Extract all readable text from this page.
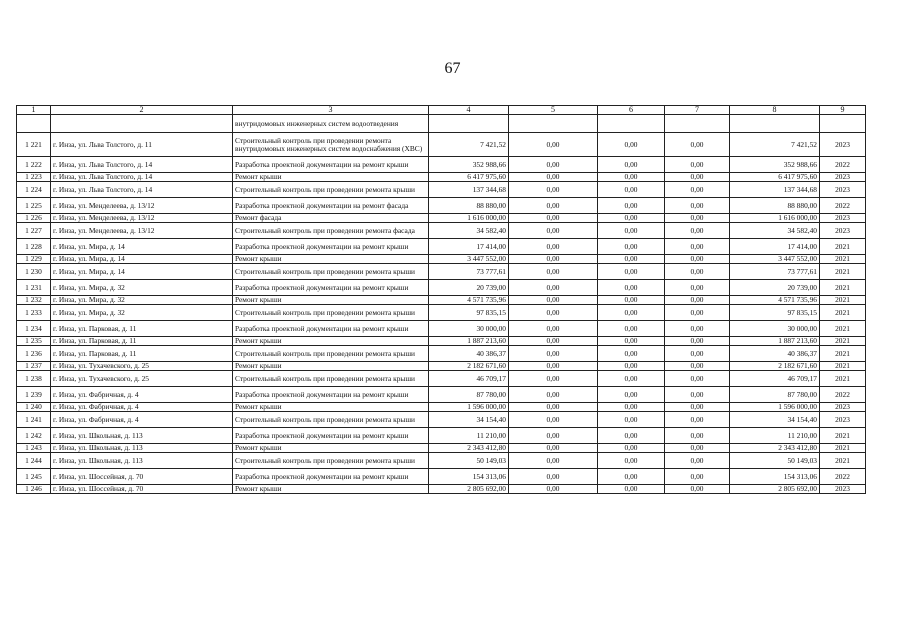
67
1	2	3	4	5	6	7	8	9
		внутридомовых инженерных систем водоотведения						
1 221	г. Инза, ул. Льва Толстого, д. 11	Строительный контроль при проведении ремонта внутридомовых инженерных систем водоснабжения (ХВС)	7 421,52	0,00	0,00	0,00	7 421,52	2023
1 222	г. Инза, ул. Льва Толстого, д. 14	Разработка проектной документации на ремонт крыши	352 988,66	0,00	0,00	0,00	352 988,66	2022
1 223	г. Инза, ул. Льва Толстого, д. 14	Ремонт крыши	6 417 975,60	0,00	0,00	0,00	6 417 975,60	2023
1 224	г. Инза, ул. Льва Толстого, д. 14	Строительный контроль при проведении ремонта крыши	137 344,68	0,00	0,00	0,00	137 344,68	2023
1 225	г. Инза, ул. Менделеева, д. 13/12	Разработка проектной документации на ремонт фасада	88 880,00	0,00	0,00	0,00	88 880,00	2022
1 226	г. Инза, ул. Менделеева, д. 13/12	Ремонт фасада	1 616 000,00	0,00	0,00	0,00	1 616 000,00	2023
1 227	г. Инза, ул. Менделеева, д. 13/12	Строительный контроль при проведении ремонта фасада	34 582,40	0,00	0,00	0,00	34 582,40	2023
1 228	г. Инза, ул. Мира, д. 14	Разработка проектной документации на ремонт крыши	17 414,00	0,00	0,00	0,00	17 414,00	2021
1 229	г. Инза, ул. Мира, д. 14	Ремонт крыши	3 447 552,00	0,00	0,00	0,00	3 447 552,00	2021
1 230	г. Инза, ул. Мира, д. 14	Строительный контроль при проведении ремонта крыши	73 777,61	0,00	0,00	0,00	73 777,61	2021
1 231	г. Инза, ул. Мира, д. 32	Разработка проектной документации на ремонт крыши	20 739,00	0,00	0,00	0,00	20 739,00	2021
1 232	г. Инза, ул. Мира, д. 32	Ремонт крыши	4 571 735,96	0,00	0,00	0,00	4 571 735,96	2021
1 233	г. Инза, ул. Мира, д. 32	Строительный контроль при проведении ремонта крыши	97 835,15	0,00	0,00	0,00	97 835,15	2021
1 234	г. Инза, ул. Парковая, д. 11	Разработка проектной документации на ремонт крыши	30 000,00	0,00	0,00	0,00	30 000,00	2021
1 235	г. Инза, ул. Парковая, д. 11	Ремонт крыши	1 887 213,60	0,00	0,00	0,00	1 887 213,60	2021
1 236	г. Инза, ул. Парковая, д. 11	Строительный контроль при проведении ремонта крыши	40 386,37	0,00	0,00	0,00	40 386,37	2021
1 237	г. Инза, ул. Тухачевского, д. 25	Ремонт крыши	2 182 671,60	0,00	0,00	0,00	2 182 671,60	2021
1 238	г. Инза, ул. Тухачевского, д. 25	Строительный контроль при проведении ремонта крыши	46 709,17	0,00	0,00	0,00	46 709,17	2021
1 239	г. Инза, ул. Фабричная, д. 4	Разработка проектной документации на ремонт крыши	87 780,00	0,00	0,00	0,00	87 780,00	2022
1 240	г. Инза, ул. Фабричная, д. 4	Ремонт крыши	1 596 000,00	0,00	0,00	0,00	1 596 000,00	2023
1 241	г. Инза, ул. Фабричная, д. 4	Строительный контроль при проведении ремонта крыши	34 154,40	0,00	0,00	0,00	34 154,40	2023
1 242	г. Инза, ул. Школьная, д. 113	Разработка проектной документации на ремонт крыши	11 210,00	0,00	0,00	0,00	11 210,00	2021
1 243	г. Инза, ул. Школьная, д. 113	Ремонт крыши	2 343 412,80	0,00	0,00	0,00	2 343 412,80	2021
1 244	г. Инза, ул. Школьная, д. 113	Строительный контроль при проведении ремонта крыши	50 149,03	0,00	0,00	0,00	50 149,03	2021
1 245	г. Инза, ул. Шоссейная, д. 70	Разработка проектной документации на ремонт крыши	154 313,06	0,00	0,00	0,00	154 313,06	2022
1 246	г. Инза, ул. Шоссейная, д. 70	Ремонт крыши	2 805 692,00	0,00	0,00	0,00	2 805 692,00	2023
